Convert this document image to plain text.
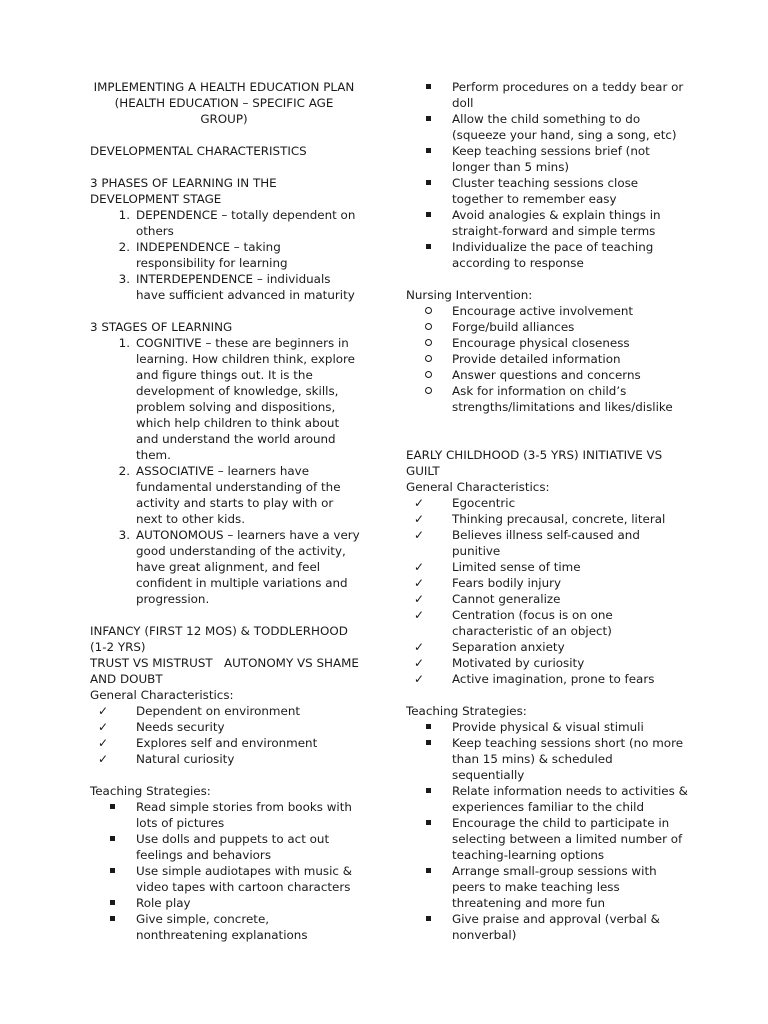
IMPLEMENTING A HEALTH EDUCATION PLAN (HEALTH EDUCATION – SPECIFIC AGE GROUP)

DEVELOPMENTAL CHARACTERISTICS

3 PHASES OF LEARNING IN THE DEVELOPMENT STAGE

1. DEPENDENCE – totally dependent on others
2. INDEPENDENCE – taking responsibility for learning
3. INTERDEPENDENCE – individuals have sufficient advanced in maturity

3 STAGES OF LEARNING

1. COGNITIVE – these are beginners in learning. How children think, explore and figure things out. It is the development of knowledge, skills, problem solving and dispositions, which help children to think about and understand the world around them.
2. ASSOCIATIVE – learners have fundamental understanding of the activity and starts to play with or next to other kids.
3. AUTONOMOUS – learners have a very good understanding of the activity, have great alignment, and feel confident in multiple variations and progression.

INFANCY (FIRST 12 MOS) & TODDLERHOOD (1-2 YRS)

TRUST VS MISTRUST   AUTONOMY VS SHAME AND DOUBT

General Characteristics:

✓	Dependent on environment
✓	Needs security
✓	Explores self and environment
✓	Natural curiosity

Teaching Strategies:

Read simple stories from books with lots of pictures
Use dolls and puppets to act out feelings and behaviors
Use simple audiotapes with music & video tapes with cartoon characters
Role play
Give simple, concrete, nonthreatening explanations
Perform procedures on a teddy bear or doll
Allow the child something to do (squeeze your hand, sing a song, etc)
Keep teaching sessions brief (not longer than 5 mins)
Cluster teaching sessions close together to remember easy
Avoid analogies & explain things in straight-forward and simple terms
Individualize the pace of teaching according to response

Nursing Intervention:

Encourage active involvement
Forge/build alliances
Encourage physical closeness
Provide detailed information
Answer questions and concerns
Ask for information on child’s strengths/limitations and likes/dislike

EARLY CHILDHOOD (3-5 YRS) INITIATIVE VS GUILT

General Characteristics:

✓	Egocentric
✓	Thinking precausal, concrete, literal
✓	Believes illness self-caused and punitive
✓	Limited sense of time
✓	Fears bodily injury
✓	Cannot generalize
✓	Centration (focus is on one characteristic of an object)
✓	Separation anxiety
✓	Motivated by curiosity
✓	Active imagination, prone to fears

Teaching Strategies:

Provide physical & visual stimuli
Keep teaching sessions short (no more than 15 mins) & scheduled sequentially
Relate information needs to activities & experiences familiar to the child
Encourage the child to participate in selecting between a limited number of teaching-learning options
Arrange small-group sessions with peers to make teaching less threatening and more fun
Give praise and approval (verbal & nonverbal)
